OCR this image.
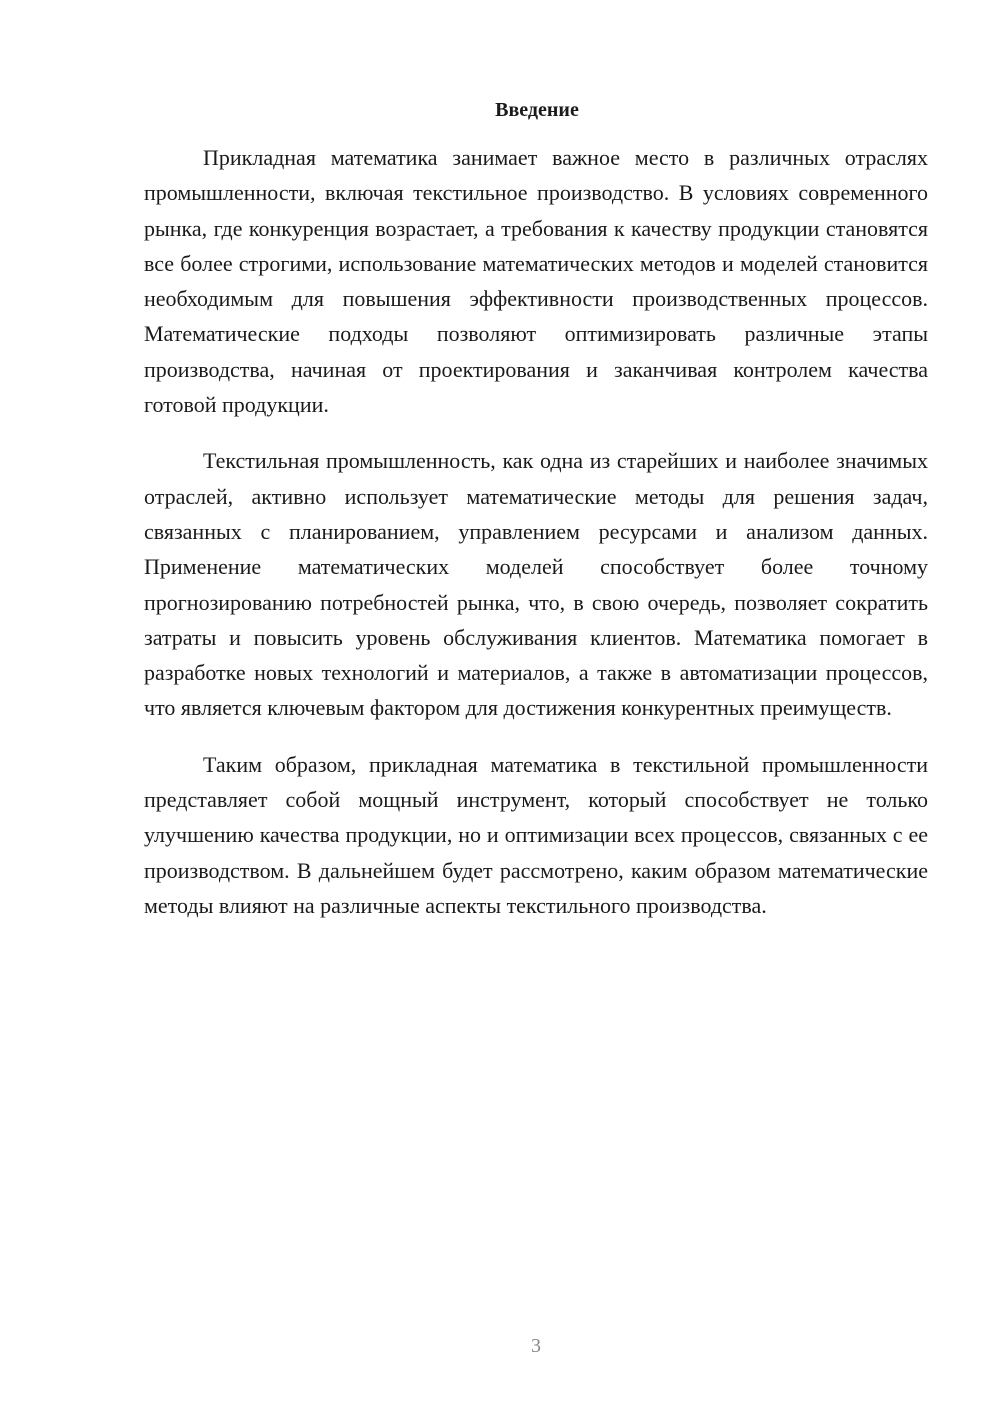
Введение

Прикладная математика занимает важное место в различных отраслях промышленности, включая текстильное производство. В условиях современного рынка, где конкуренция возрастает, а требования к качеству продукции становятся все более строгими, использование математических методов и моделей становится необходимым для повышения эффективности производственных процессов. Математические подходы позволяют оптимизировать различные этапы производства, начиная от проектирования и заканчивая контролем качества готовой продукции.

Текстильная промышленность, как одна из старейших и наиболее значимых отраслей, активно использует математические методы для решения задач, связанных с планированием, управлением ресурсами и анализом данных. Применение математических моделей способствует более точному прогнозированию потребностей рынка, что, в свою очередь, позволяет сократить затраты и повысить уровень обслуживания клиентов. Математика помогает в разработке новых технологий и материалов, а также в автоматизации процессов, что является ключевым фактором для достижения конкурентных преимуществ.

Таким образом, прикладная математика в текстильной промышленности представляет собой мощный инструмент, который способствует не только улучшению качества продукции, но и оптимизации всех процессов, связанных с ее производством. В дальнейшем будет рассмотрено, каким образом математические методы влияют на различные аспекты текстильного производства.

3
